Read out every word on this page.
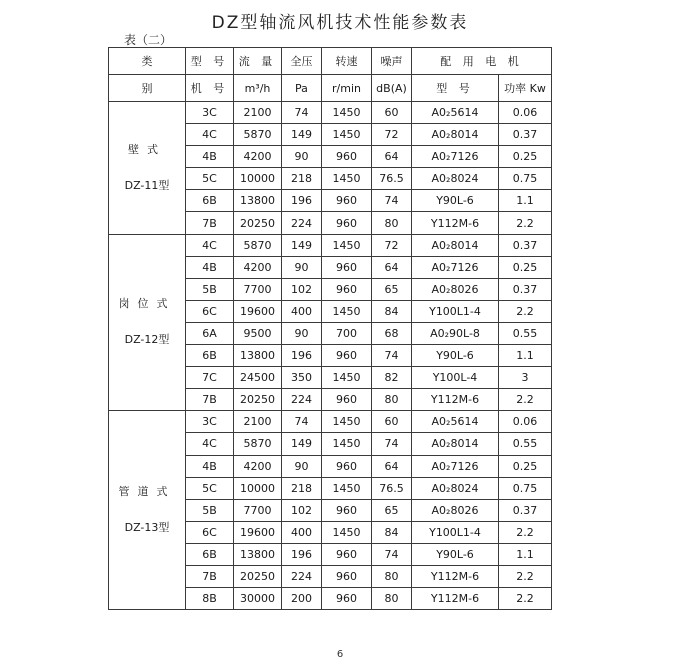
DZ型轴流风机技术性能参数表
表（二）
类	型 号	流 量	全压	转速	噪声	配 用 电 机	
别	机 号	m³/h	Pa	r/min	dB(A)	型 号	功率 Kw

壁式
DZ-11型	3C	2100	74	1450	60	A0₂5614	0.06
	4C	5870	149	1450	72	A0₂8014	0.37
	4B	4200	90	960	64	A0₂7126	0.25
	5C	10000	218	1450	76.5	A0₂8024	0.75
	6B	13800	196	960	74	Y90L-6	1.1
	7B	20250	224	960	80	Y112M-6	2.2

岗位式
DZ-12型	4C	5870	149	1450	72	A0₂8014	0.37
	4B	4200	90	960	64	A0₂7126	0.25
	5B	7700	102	960	65	A0₂8026	0.37
	6C	19600	400	1450	84	Y100L1-4	2.2
	6A	9500	90	700	68	A0₂90L-8	0.55
	6B	13800	196	960	74	Y90L-6	1.1
	7C	24500	350	1450	82	Y100L-4	3
	7B	20250	224	960	80	Y112M-6	2.2

管道式
DZ-13型	3C	2100	74	1450	60	A0₂5614	0.06
	4C	5870	149	1450	74	A0₂8014	0.55
	4B	4200	90	960	64	A0₂7126	0.25
	5C	10000	218	1450	76.5	A0₂8024	0.75
	5B	7700	102	960	65	A0₂8026	0.37
	6C	19600	400	1450	84	Y100L1-4	2.2
	6B	13800	196	960	74	Y90L-6	1.1
	7B	20250	224	960	80	Y112M-6	2.2
	8B	30000	200	960	80	Y112M-6	2.2
6
